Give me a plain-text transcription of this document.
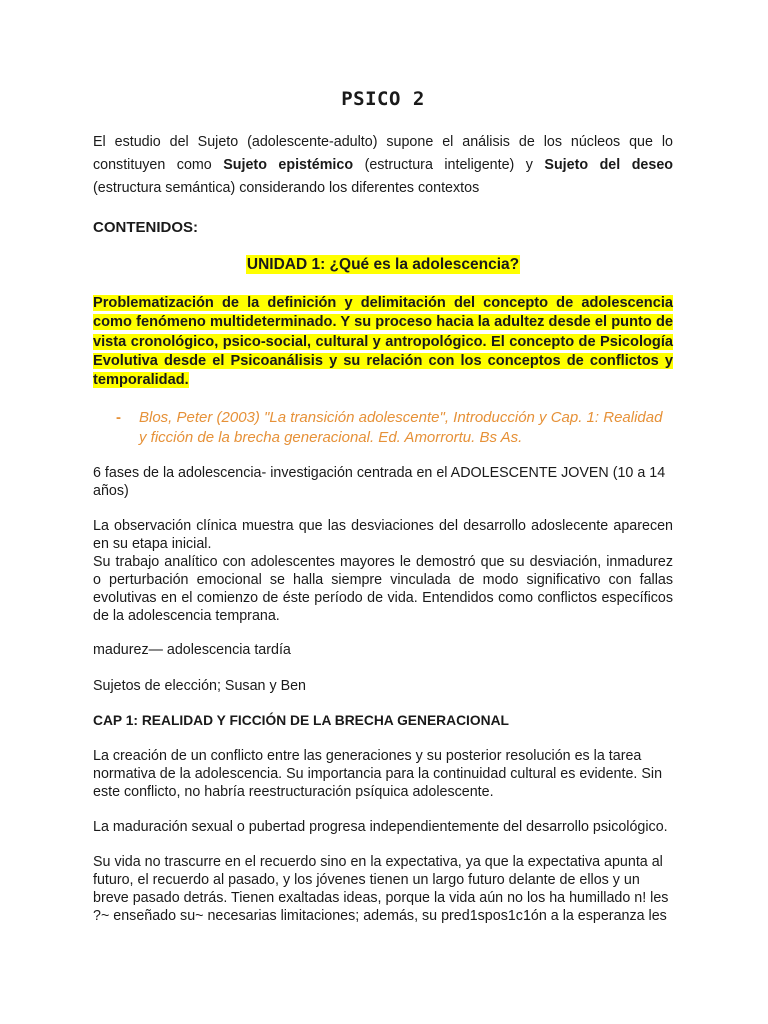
PSICO 2
El estudio del Sujeto (adolescente-adulto) supone el análisis de los núcleos que lo constituyen como Sujeto epistémico (estructura inteligente) y Sujeto del deseo (estructura semántica) considerando los diferentes contextos
CONTENIDOS:
UNIDAD 1: ¿Qué es la adolescencia?
Problematización de la definición y delimitación del concepto de adolescencia como fenómeno multideterminado. Y su proceso hacia la adultez desde el punto de vista cronológico, psico-social, cultural y antropológico. El concepto de Psicología Evolutiva desde el Psicoanálisis y su relación con los conceptos de conflictos y temporalidad.
- Blos, Peter (2003) "La transición adolescente", Introducción y Cap. 1: Realidad y ficción de la brecha generacional. Ed. Amorrortu. Bs As.
6 fases de la adolescencia- investigación centrada en el ADOLESCENTE JOVEN (10 a 14 años)
La observación clínica muestra que las desviaciones del desarrollo adoslecente aparecen en su etapa inicial.
Su trabajo analítico con adolescentes mayores le demostró que su desviación, inmadurez o perturbación emocional se halla siempre vinculada de modo significativo con fallas evolutivas en el comienzo de éste período de vida. Entendidos como conflictos específicos de la adolescencia temprana.
madurez— adolescencia tardía
Sujetos de elección; Susan y Ben
CAP 1: REALIDAD Y FICCIÓN DE LA BRECHA GENERACIONAL
La creación de un conflicto entre las generaciones y su posterior resolución es la tarea normativa de la adolescencia. Su importancia para la continuidad cultural es evidente. Sin este conflicto, no habría reestructuración psíquica adolescente.
La maduración sexual o pubertad progresa independientemente del desarrollo psicológico.
Su vida no trascurre en el recuerdo sino en la expectativa, ya que la expectativa apunta al futuro, el recuerdo al pasado, y los jóvenes tienen un largo futuro delante de ellos y un breve pasado detrás. Tienen exaltadas ideas, porque la vida aún no los ha humillado n! les ?~ enseñado su~ necesarias limitaciones; además, su pred1spos1c1ón a la esperanza les
